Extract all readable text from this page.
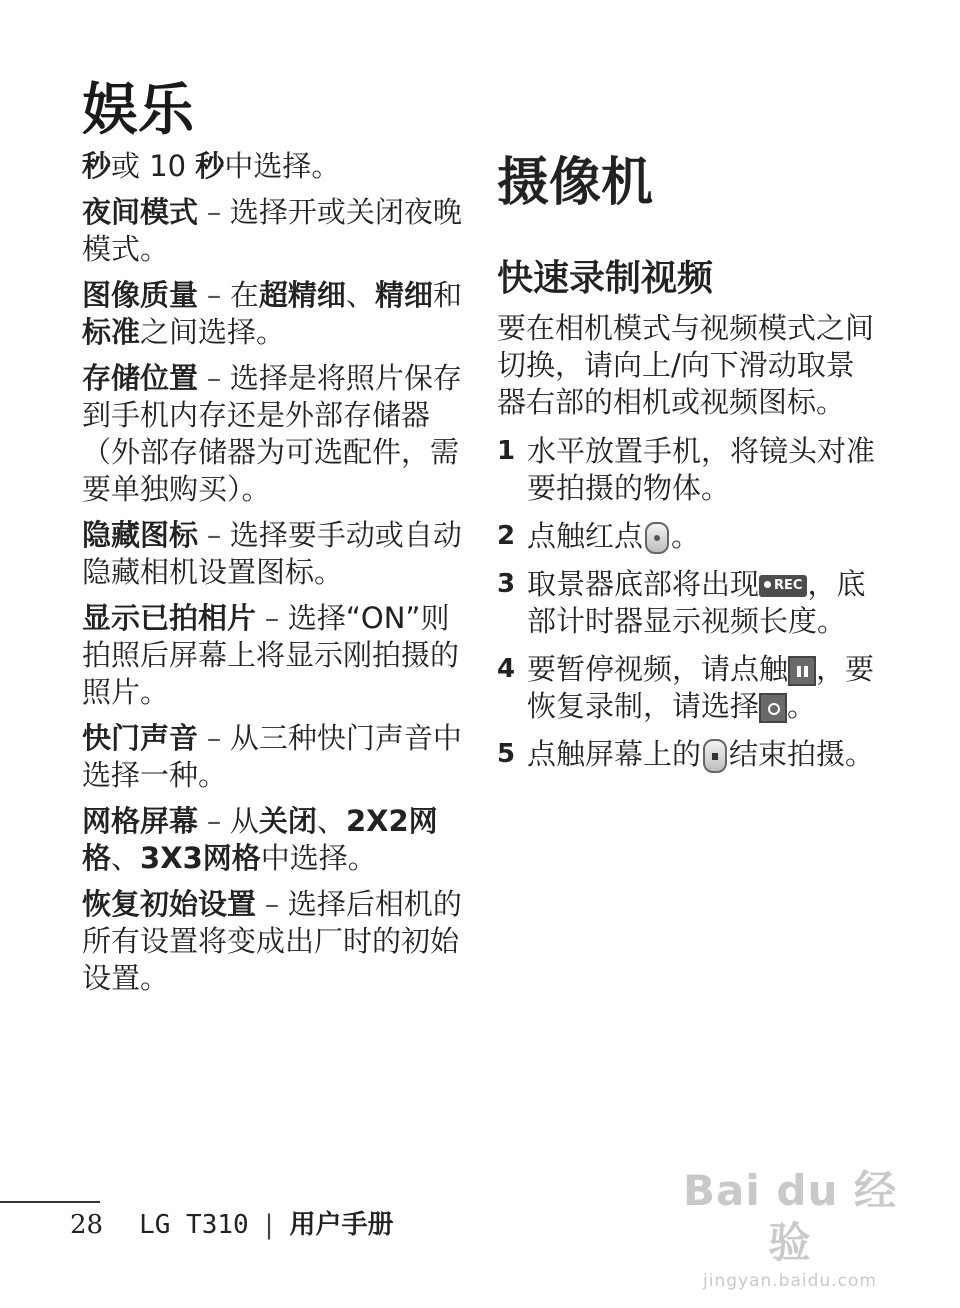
娱乐

秒或 10 秒中选择。

夜间模式 – 选择开或关闭夜晚模式。

图像质量 – 在超精细、精细和标准之间选择。

存储位置 – 选择是将照片保存到手机内存还是外部存储器（外部存储器为可选配件，需要单独购买）。

隐藏图标 – 选择要手动或自动隐藏相机设置图标。

显示已拍相片 – 选择“ON”则拍照后屏幕上将显示刚拍摄的照片。

快门声音 – 从三种快门声音中选择一种。

网格屏幕 – 从关闭、2X2网格、3X3网格中选择。

恢复初始设置 – 选择后相机的所有设置将变成出厂时的初始设置。

摄像机
快速录制视频

要在相机模式与视频模式之间切换，请向上/向下滑动取景器右部的相机或视频图标。

1 水平放置手机，将镜头对准要拍摄的物体。
2 点触红点 。
3 取景器底部将出现 REC ，底部计时器显示视频长度。
4 要暂停视频，请点触 ，要恢复录制，请选择 。
5 点触屏幕上的 结束拍摄。
28 LG T310 | 用户手册
Bai du 经验
jingyan.baidu.com
